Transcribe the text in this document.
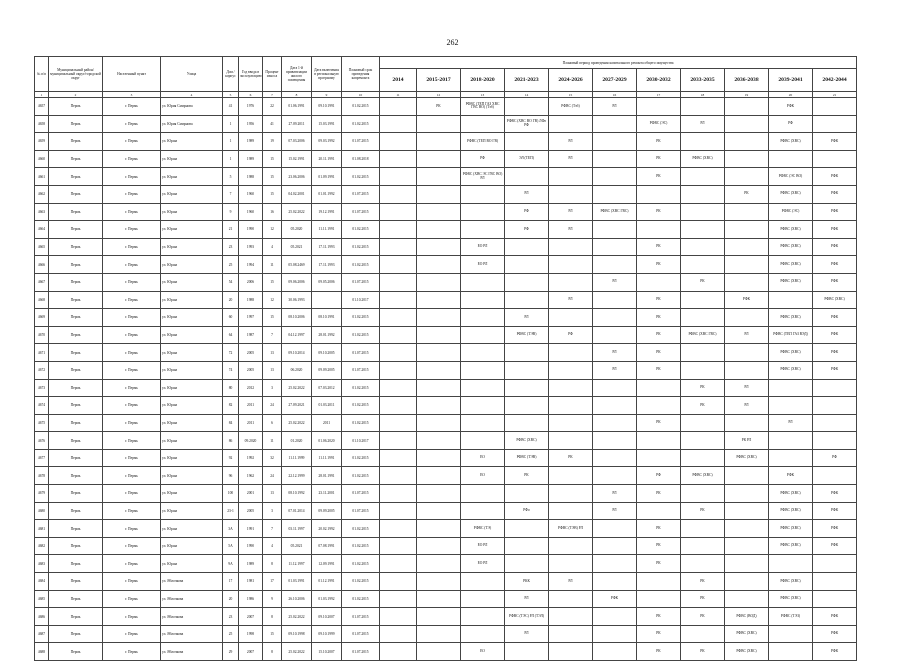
262
№ п/п	Муниципальный район/муниципальный округ/городской округ	Населенный пункт	Улица	Дом / корпус	Год ввода в эксплуатацию	Процент износа	Дата 1-й приватизации жилого помещения	Дата включения в региональную программу	Плановый срок проведения капремонта	Плановый период проведения капитального ремонта общего имущества										
										2014	2015-2017	2018-2020	2021-2023	2024-2026	2027-2029	2030-2032	2033-2035	2036-2038	2039-2041	2042-2044
1	2	3	4	5	6	7	8	9	10	11	12	13	14	15	16	17	18	19	20	21
4657	Пермь	г. Пермь	ул. Юрия Смирнова	41	1976	22	01.06.1991	09.10.1991	01.02.2015		РК	РФВС (ТЕП ГАЗ ХВС ГВС ВО) (Тзб)		РФВС (Тэб)	РЛ				РФК	
4658	Пермь	г. Пермь	ул. Юрия Смирнова	1	1956	41	27.09.2011	15.03.1991	01.02.2015				РФВС (ХВС ВО ГВ) ЛФо РФ			РФВС (ЭС)	РЛ		РФ	
4659	Пермь	г. Пермь	ул. Юрша	1	1989	19	07.03.2006	09.03.1992	01.07.2015			РФВС (ТЕП ВО ГВ)		РЛ		РК			РФВС (ХВС)	РФК
4660	Пермь	г. Пермь	ул. Юрша	1	1989	15	15.02.1991	20.11.1991	01.08.2018			РФ	ЭЛ (ТЕП)	РЛ		РК	РФВС (ХВС)			
4661	Пермь	г. Пермь	ул. Юрша	5	1988	15	23.06.2006	01.09.1991	01.02.2015			РФВС (ХВС ЭС ГВС ВО) РЛ				РК			РФВС (ЭС ВО)	РФК
4662	Пермь	г. Пермь	ул. Юрша	7	1960	15	04.02.2001	01.01.1992	01.07.2015				РЛ					РК	РФВС (ХВС)	РФК
4663	Пермь	г. Пермь	ул. Юрша	9	1960	16	25.02.2022	19.12.1991	01.07.2015				РФ	РЛ	РФВС (ХВС ГВС)	РК			РФВС (ЭС)	РФК
4664	Пермь	г. Пермь	ул. Юрша	21	1990	12	05.2020	11.11.1991	01.02.2015				РФ	РЛ					РФВС (ХВС)	РФК
4665	Пермь	г. Пермь	ул. Юрша	23	1993	4	05.2021	17.11.1993	01.02.2015			ЕО РЛ				РК			РФВС (ХВС)	РФК
4666	Пермь	г. Пермь	ул. Юрша	25	1994	11	05.08.2469	17.11.1993	01.02.2015			ЕО РЛ				РК			РФВС (ХВС)	РФК
4667	Пермь	г. Пермь	ул. Юрша	54	2006	15	09.06.2006	09.05.2006	01.07.2015						РЛ		РК		РФВС (ХВС)	РФК
4668	Пермь	г. Пермь	ул. Юрша	20	1988	12	30.06.1993		01.10.2017					РЛ		РК		РФК		РФВС (ХВС)
4669	Пермь	г. Пермь	ул. Юрша	60	1997	15	08.10.2006	08.10.1991	01.02.2015				РЛ			РК			РФВС (ХВС)	РФК
4670	Пермь	г. Пермь	ул. Юрша	64	1987	7	04.12.1997	28.01.1992	01.02.2015				РФВС (ТЭВ)	РФ		РК	РФВС (ХВС ГВС)	РЛ	РФВС (ТЕП ГАЗ ВЭД)	РФК
4671	Пермь	г. Пермь	ул. Юрша	72	2005	13	09.10.2014	09.10.2005	01.07.2015						РЛ	РК			РФВС (ХВС)	РФК
4672	Пермь	г. Пермь	ул. Юрша	74	2005	13	06.2020	09.09.2005	01.07.2015						РЛ	РК			РФВС (ХВС)	РФК
4673	Пермь	г. Пермь	ул. Юрша	80	2012	3	25.02.2022	07.03.2012	01.02.2015								РК	РЛ		
4674	Пермь	г. Пермь	ул. Юрша	82	2011	24	27.09.2021	01.03.2011	01.02.2015								РК	РЛ		
4675	Пермь	г. Пермь	ул. Юрша	84	2011	6	25.02.2022	2011	01.02.2015							РК			РЛ	
4676	Пермь	г. Пермь	ул. Юрша	86	09.2020	11	01.2020	01.06.2020	01.10.2017				РФВС (ХВС)					РК РЛ		
4677	Пермь	г. Пермь	ул. Юрша	92	1992	32	11.11.1999	11.11.1991	01.02.2015			ЕО	РФВС (ТЭВ)	РК				РФВС (ХВС)		РФ
4678	Пермь	г. Пермь	ул. Юрша	96	1962	24	22.12.1999	28.01.1991	01.02.2015			ЕО	РК			РФ	РФВС (ХВС)		РФК	
4679	Пермь	г. Пермь	ул. Юрша	100	2001	13	08.10.1992	23.11.2001	01.07.2015						РЛ	РК			РФВС (ХВС)	РФК
4680	Пермь	г. Пермь	ул. Юрша	23-1	2005	3	07.01.2014	09.09.2005	01.07.2015				РФо		РЛ		РК		РФВС (ХВС)	РФК
4681	Пермь	г. Пермь	ул. Юрша	3А	1991	7	03.11.1997	20.02.1992	01.02.2015			РФВС (ТЭ)		РФВС (ТЭВ) РЛ		РК			РФВС (ХВС)	РФК
4682	Пермь	г. Пермь	ул. Юрша	5А	1990	4	05.2021	07.08.1991	01.02.2015			ЕО РЛ				РК			РФВС (ХВС)	РФК
4683	Пермь	г. Пермь	ул. Юрша	9А	1989	8	11.12.1997	12.09.1991	01.02.2015			ЕО РЛ				РК				
4684	Пермь	г. Пермь	ул. Яблочкова	17	1981	17	01.03.1991	01.12.1991	01.02.2015				РКК	РЛ			РК		РФВС (ХВС)	
4685	Пермь	г. Пермь	ул. Яблочкова	20	1986	9	26.10.2006	01.03.1992	01.02.2015				РЛ		РФК		РК		РФВС (ХВС)	
4686	Пермь	г. Пермь	ул. Яблочкова	23	2007	8	25.02.2022	09.10.2007	01.07.2015				РФВС (ТЭС) РЛ (ТЭЛ)			РК	РК	РФВС (ВОД)	РФВС (ТЭЗ)	РФК
4687	Пермь	г. Пермь	ул. Яблочкова	25	1998	15	09.10.1998	09.10.1999	01.07.2015				РЛ			РК		РФВС (ХВС)		РФК
4688	Пермь	г. Пермь	ул. Яблочкова	29	2007	8	25.02.2022	15.10.2007	01.07.2015			ЕО				РК	РК	РФВС (ХВС)		РФК
